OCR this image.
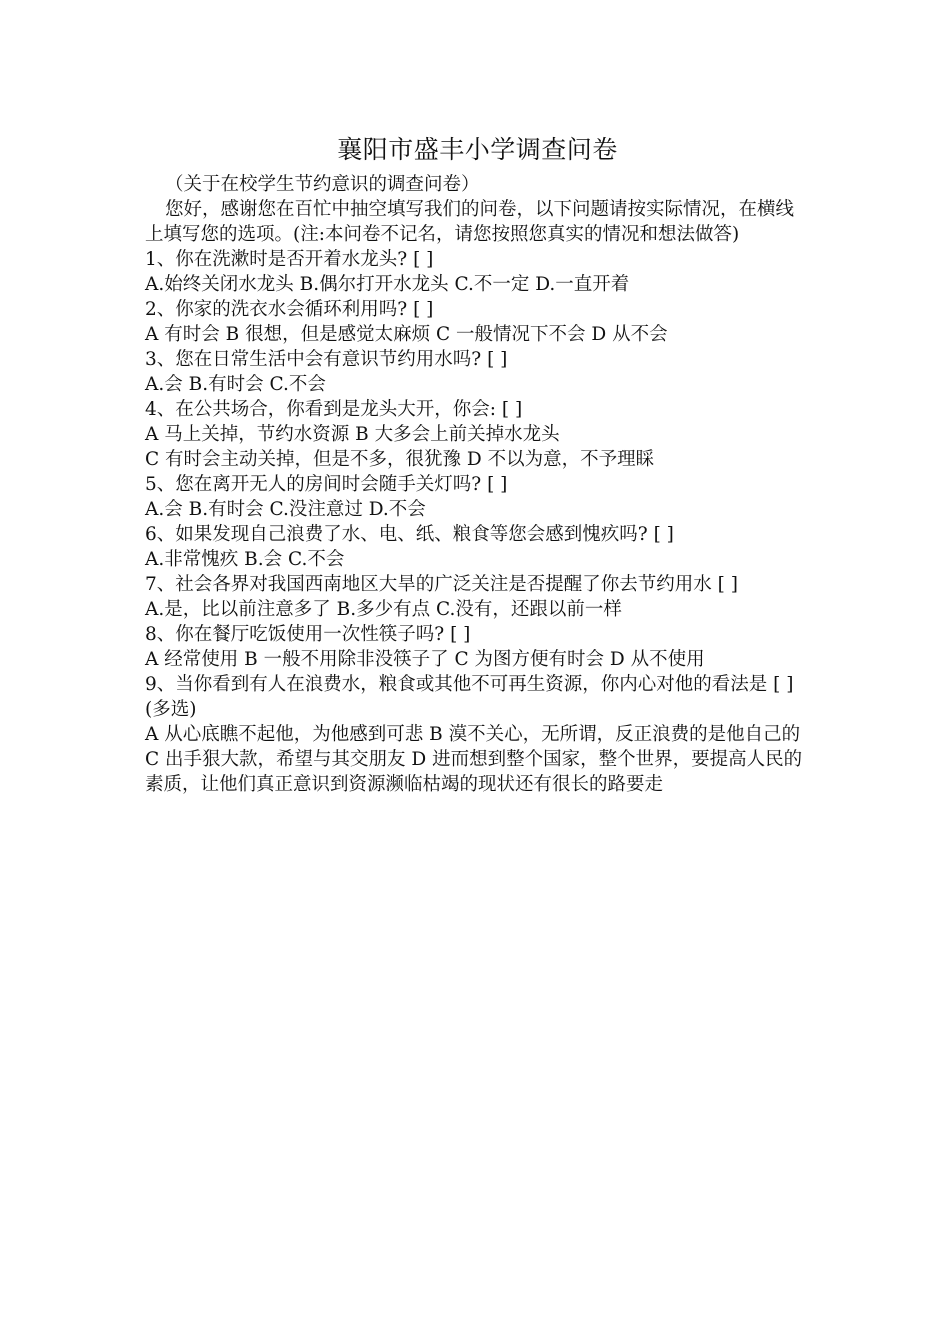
襄阳市盛丰小学调查问卷

（关于在校学生节约意识的调查问卷）

您好，感谢您在百忙中抽空填写我们的问卷，以下问题请按实际情况，在横线上填写您的选项。(注:本问卷不记名，请您按照您真实的情况和想法做答)

1、你在洗漱时是否开着水龙头? [ ]

A.始终关闭水龙头 B.偶尔打开水龙头 C.不一定 D.一直开着

2、你家的洗衣水会循环利用吗? [ ]

A 有时会 B 很想，但是感觉太麻烦 C 一般情况下不会 D 从不会

3、您在日常生活中会有意识节约用水吗? [ ]

A.会 B.有时会 C.不会

4、在公共场合，你看到是龙头大开，你会: [ ]

A 马上关掉，节约水资源 B 大多会上前关掉水龙头

C 有时会主动关掉，但是不多，很犹豫 D 不以为意，不予理睬

5、您在离开无人的房间时会随手关灯吗? [ ]

A.会 B.有时会 C.没注意过 D.不会

6、如果发现自己浪费了水、电、纸、粮食等您会感到愧疚吗? [ ]

A.非常愧疚 B.会 C.不会

7、社会各界对我国西南地区大旱的广泛关注是否提醒了你去节约用水 [ ]

A.是，比以前注意多了 B.多少有点 C.没有，还跟以前一样

8、你在餐厅吃饭使用一次性筷子吗? [ ]

A 经常使用 B 一般不用除非没筷子了 C 为图方便有时会 D 从不使用

9、当你看到有人在浪费水，粮食或其他不可再生资源，你内心对他的看法是 [ ](多选)

A 从心底瞧不起他，为他感到可悲 B 漠不关心，无所谓，反正浪费的是他自己的

C 出手狠大款，希望与其交朋友 D 进而想到整个国家，整个世界，要提高人民的素质，让他们真正意识到资源濒临枯竭的现状还有很长的路要走
